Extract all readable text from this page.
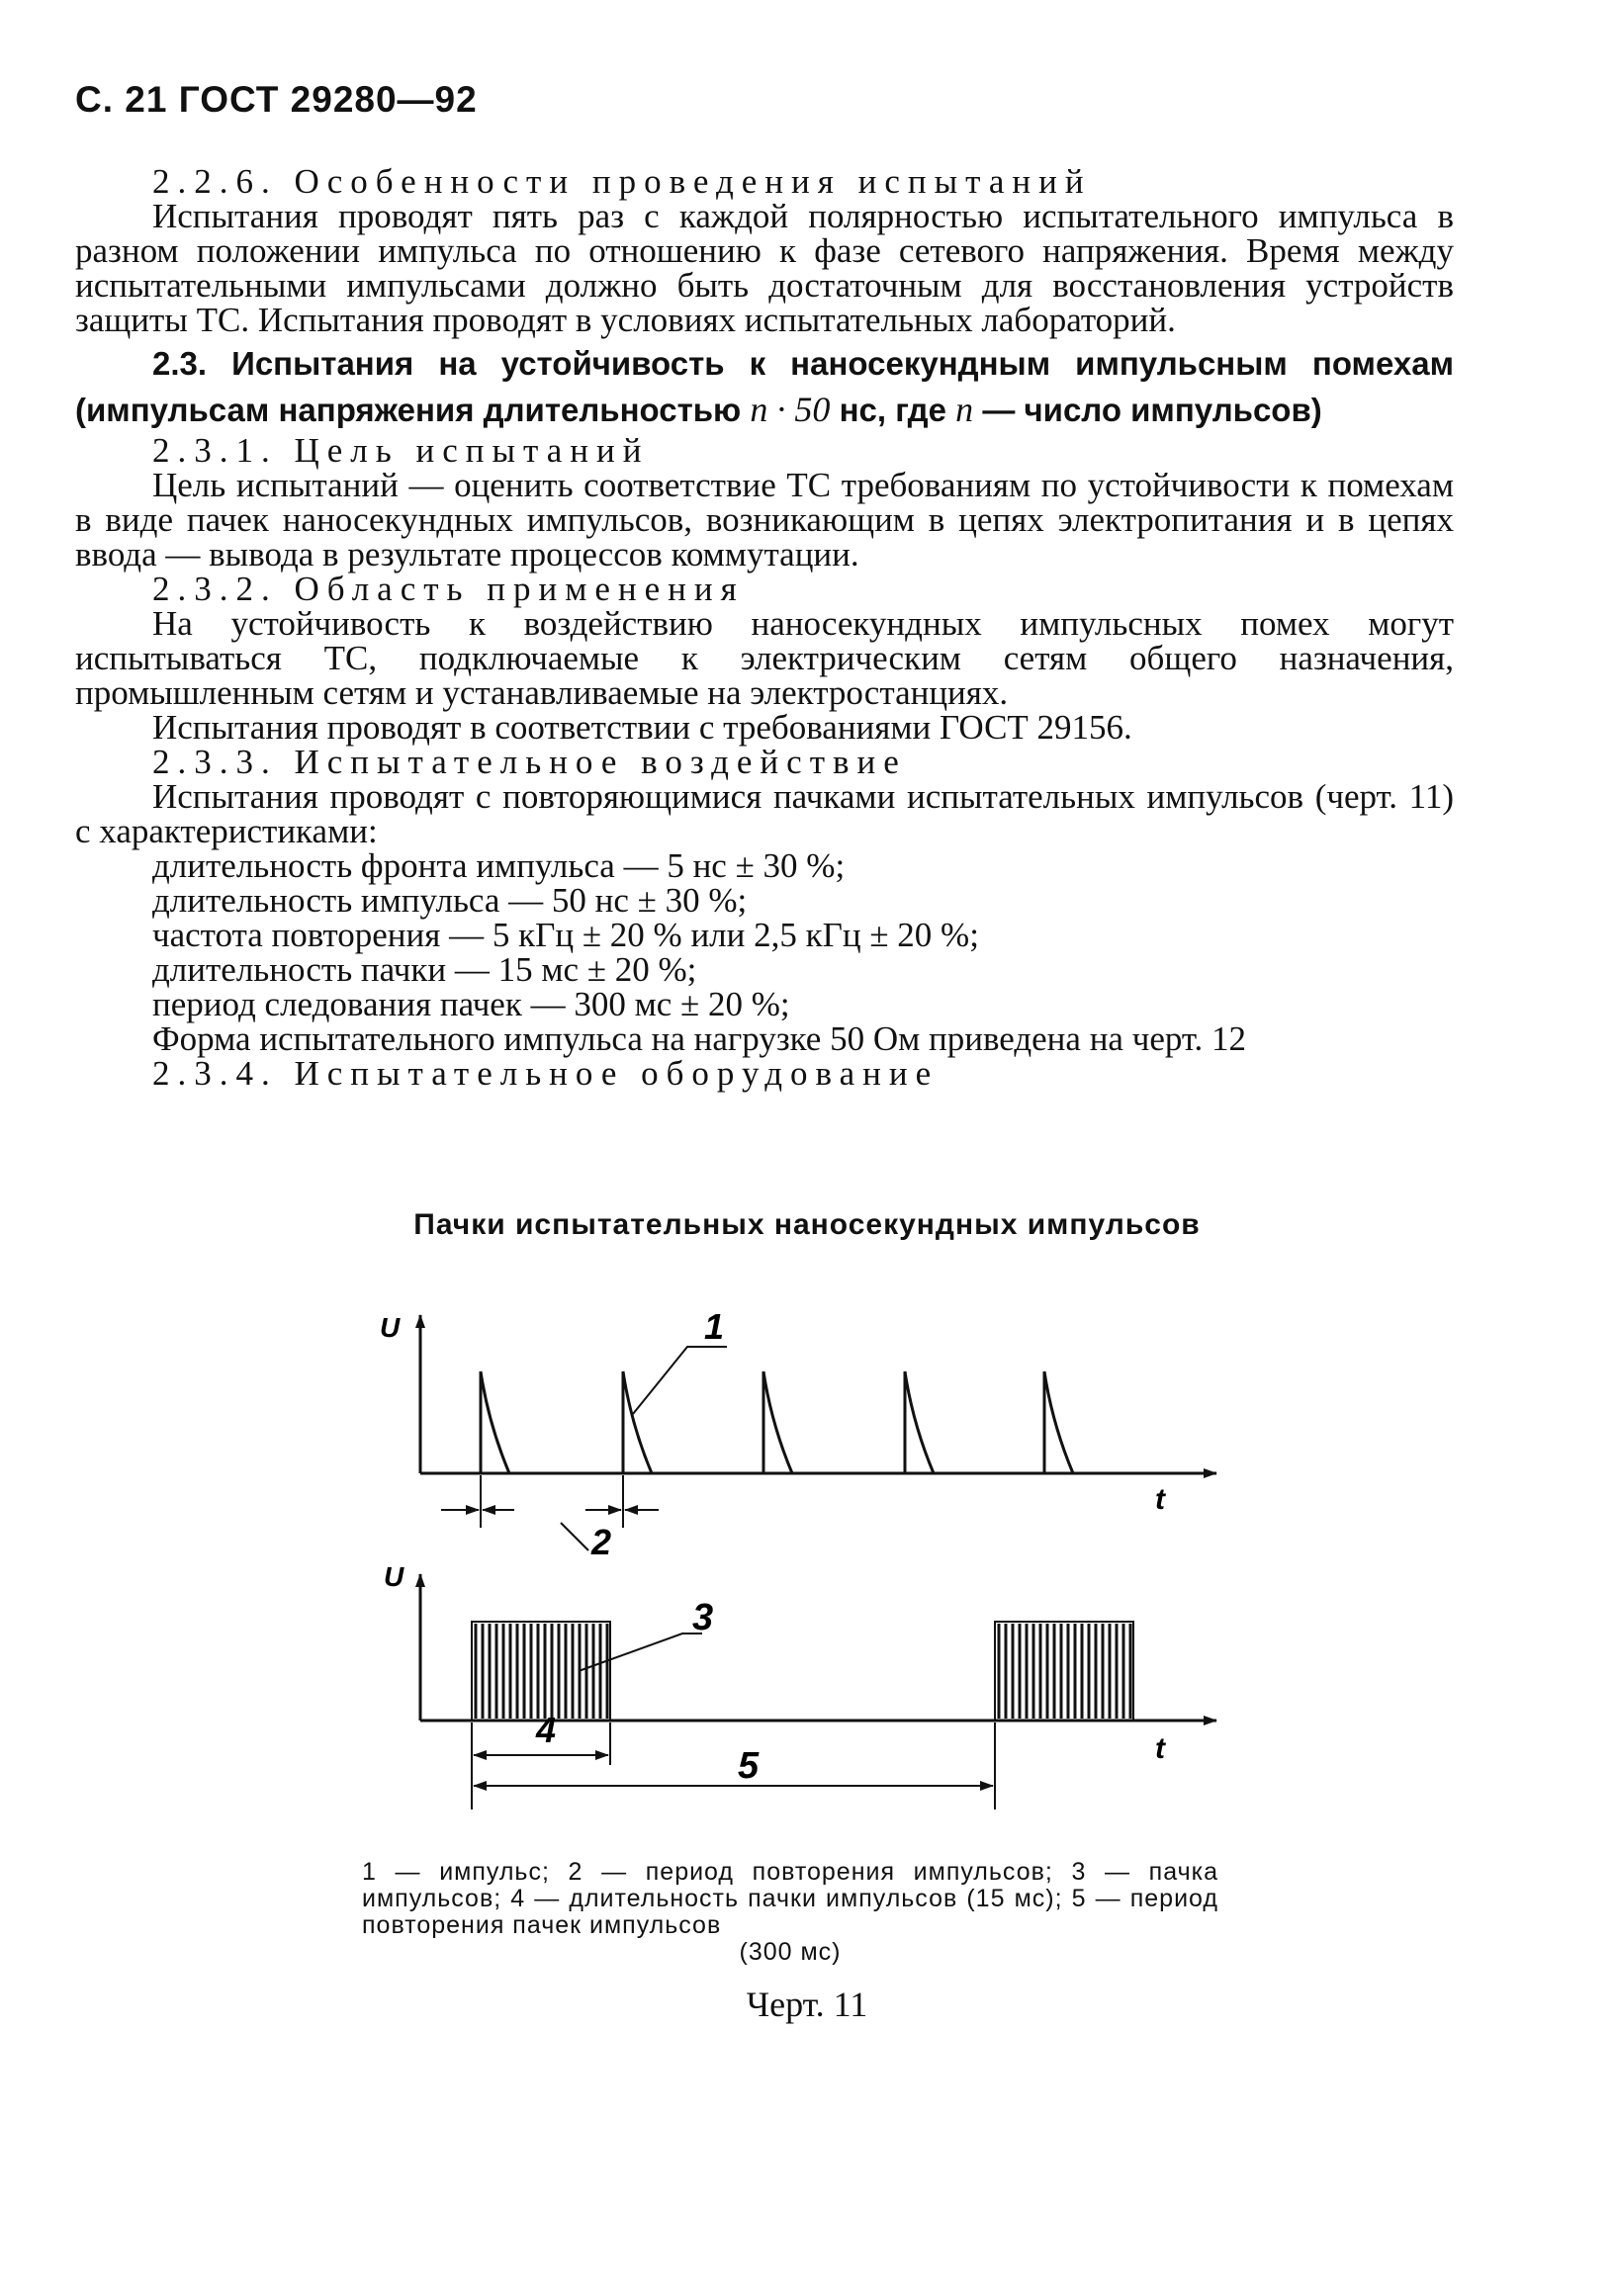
С. 21 ГОСТ 29280—92

2.2.6. Особенности проведения испытаний

Испытания проводят пять раз с каждой полярностью испытательного импульса в разном положении импульса по отношению к фазе сетевого напряжения. Время между испытательными импульсами должно быть достаточным для восстановления устройств защиты ТС. Испытания проводят в условиях испытательных лабораторий.

2.3. Испытания на устойчивость к наносекундным импульсным помехам (импульсам напряжения длительностью n · 50 нс, где n — число импульсов)

2.3.1. Цель испытаний

Цель испытаний — оценить соответствие ТС требованиям по устойчивости к помехам в виде пачек наносекундных импульсов, возникающим в цепях электропитания и в цепях ввода — вывода в результате процессов коммутации.

2.3.2. Область применения

На устойчивость к воздействию наносекундных импульсных помех могут испытываться ТС, подключаемые к электрическим сетям общего назначения, промышленным сетям и устанавливаемые на электростанциях.

Испытания проводят в соответствии с требованиями ГОСТ 29156.

2.3.3. Испытательное воздействие

Испытания проводят с повторяющимися пачками испытательных импульсов (черт. 11) с характеристиками:

длительность фронта импульса — 5 нс ± 30 %;

длительность импульса — 50 нс ± 30 %;

частота повторения — 5 кГц ± 20 % или 2,5 кГц ± 20 %;

длительность пачки — 15 мс ± 20 %;

период следования пачек — 300 мс ± 20 %;

Форма испытательного импульса на нагрузке 50 Ом приведена на черт. 12

2.3.4. Испытательное оборудование

Пачки испытательных наносекундных импульсов
U
t
U
t
1
2
3
4
5
1 — импульс; 2 — период повторения импульсов; 3 — пачка импульсов; 4 — длительность пачки импульсов (15 мс); 5 — период повторения пачек импульсов
(300 мс)
Черт. 11
